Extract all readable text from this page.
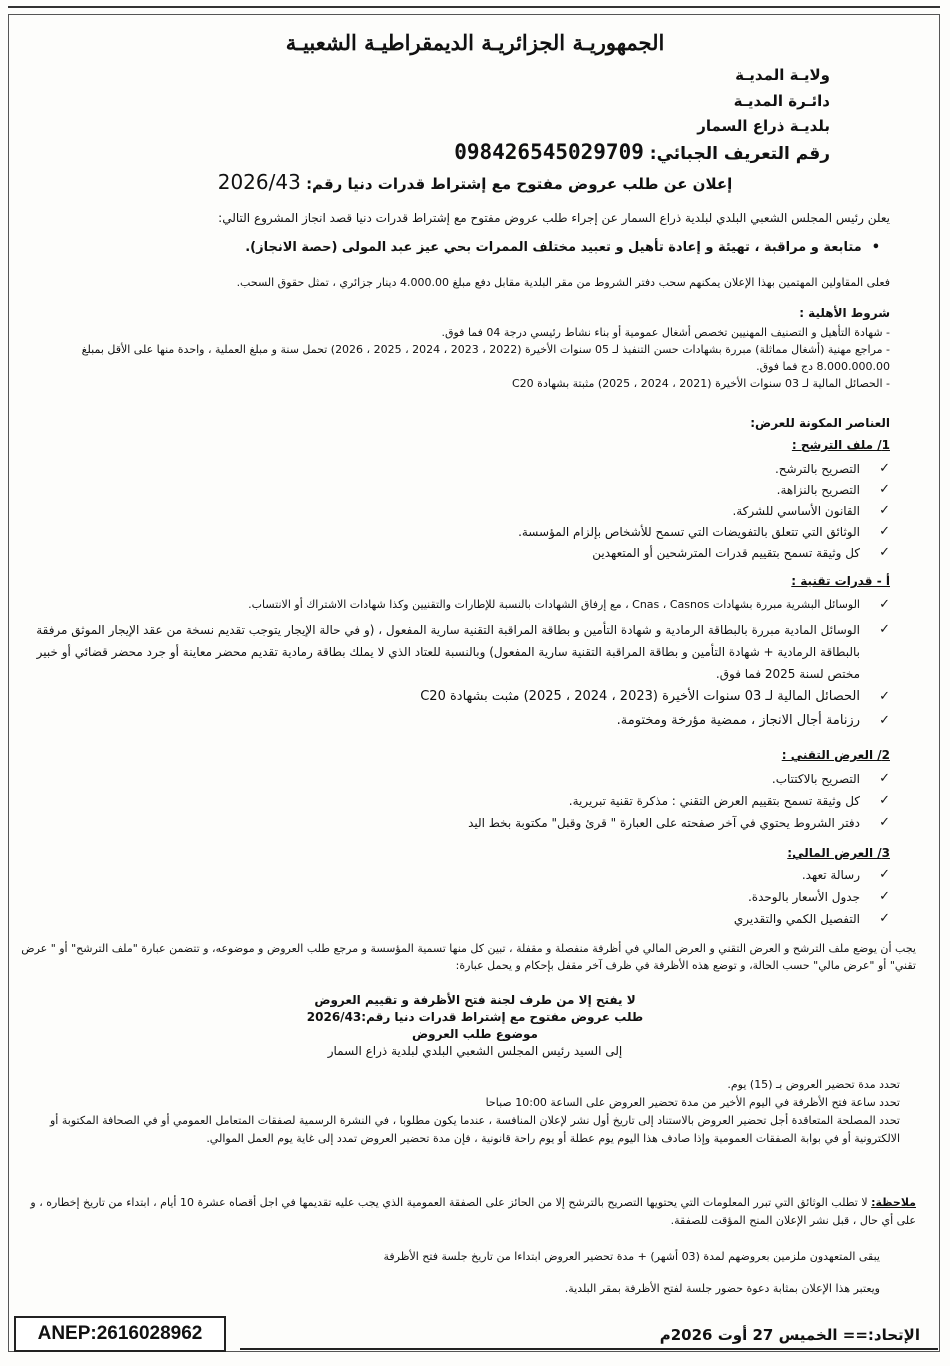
الجمهوريـة الجزائريـة الديمقراطيـة الشعبيـة
ولايـة المديـة
دائـرة المديـة
بلديـة ذراع السمار
رقم التعريف الجبائي: 098426545029709
إعلان عن طلب عروض مفتوح مع إشتراط قدرات دنيا رقم: 2026/43
يعلن رئيس المجلس الشعبي البلدي لبلدية ذراع السمار عن إجراء طلب عروض مفتوح مع إشتراط قدرات دنيا قصد انجاز المشروع التالي:
• متابعة و مراقبة ، تهيئة و إعادة تأهيل و تعبيد مختلف الممرات بحي عيز عبد المولى (حصة الانجاز).
فعلى المقاولين المهتمين بهذا الإعلان يمكنهم سحب دفتر الشروط من مقر البلدية مقابل دفع مبلغ 4.000.00 دينار جزائري ، تمثل حقوق السحب.
شروط الأهلية :
- شهادة التأهيل و التصنيف المهنيين تخصص أشغال عمومية أو بناء نشاط رئيسي درجة 04 فما فوق.
- مراجع مهنية (أشغال مماثلة) مبررة بشهادات حسن التنفيذ لـ 05 سنوات الأخيرة (2022 ، 2023 ، 2024 ، 2025 ، 2026) تحمل سنة و مبلغ العملية ، واحدة منها على الأقل بمبلغ 8.000.000.00 دج فما فوق.
- الحصائل المالية لـ 03 سنوات الأخيرة (2021 ، 2024 ، 2025) مثبتة بشهادة C20
العناصر المكونة للعرض:
1/ ملف الترشح :
✓ التصريح بالترشح.
✓ التصريح بالنزاهة.
✓ القانون الأساسي للشركة.
✓ الوثائق التي تتعلق بالتفويضات التي تسمح للأشخاص بإلزام المؤسسة.
✓ كل وثيقة تسمح بتقييم قدرات المترشحين أو المتعهدين
أ - قدرات تقنية :
✓ الوسائل البشرية مبررة بشهادات Cnas ، Casnos ، مع إرفاق الشهادات بالنسبة للإطارات والتقنيين وكذا شهادات الاشتراك أو الانتساب.
✓ الوسائل المادية مبررة بالبطاقة الرمادية و شهادة التأمين و بطاقة المراقبة التقنية سارية المفعول ، (و في حالة الإيجار يتوجب تقديم نسخة من عقد الإيجار الموثق مرفقة بالبطاقة الرمادية + شهادة التأمين و بطاقة المراقبة التقنية سارية المفعول) وبالنسبة للعتاد الذي لا يملك بطاقة رمادية تقديم محضر معاينة أو جرد محضر قضائي أو خبير مختص لسنة 2025 فما فوق.
✓ الحصائل المالية لـ 03 سنوات الأخيرة (2023 ، 2024 ، 2025) مثبت بشهادة C20
✓ رزنامة أجال الانجاز ، ممضية مؤرخة ومختومة.
2/ العرض التقني :
✓ التصريح بالاكتتاب.
✓ كل وثيقة تسمح بتقييم العرض التقني : مذكرة تقنية تبريرية.
✓ دفتر الشروط يحتوي في آخر صفحته على العبارة " قرئ وقبل" مكتوبة بخط اليد
3/ العرض المالي:
✓ رسالة تعهد.
✓ جدول الأسعار بالوحدة.
✓ التفصيل الكمي والتقديري
يجب أن يوضع ملف الترشح و العرض التقني و العرض المالي في أظرفة منفصلة و مقفلة ، تبين كل منها تسمية المؤسسة و مرجع طلب العروض و موضوعه، و تتضمن عبارة "ملف الترشح" أو " عرض تقني" أو "عرض مالي" حسب الحالة، و توضع هذه الأظرفة في ظرف آخر مقفل بإحكام و يحمل عبارة:
لا يفتح إلا من طرف لجنة فتح الأظرفة و تقييم العروض
طلب عروض مفتوح مع إشتراط قدرات دنيا رقم:2026/43
موضوع طلب العروض
إلى السيد رئيس المجلس الشعبي البلدي لبلدية ذراع السمار
تحدد مدة تحضير العروض بـ (15) يوم.
تحدد ساعة فتح الأظرفة في اليوم الأخير من مدة تحضير العروض على الساعة 10:00 صباحا
تحدد المصلحة المتعاقدة أجل تحضير العروض بالاستناد إلى تاريخ أول نشر لإعلان المنافسة ، عندما يكون مطلوبا ، في النشرة الرسمية لصفقات المتعامل العمومي أو في الصحافة المكتوبة أو الالكترونية أو في بوابة الصفقات العمومية وإذا صادف هذا اليوم يوم عطلة أو يوم راحة قانونية ، فإن مدة تحضير العروض تمدد إلى غاية يوم العمل الموالي.
ملاحظة: لا تطلب الوثائق التي تبرر المعلومات التي يحتويها التصريح بالترشح إلا من الحائز على الصفقة العمومية الذي يجب عليه تقديمها في اجل أقصاه عشرة 10 أيام ، ابتداء من تاريخ إخطاره ، و على أي حال ، قبل نشر الإعلان المنح المؤقت للصفقة.
يبقى المتعهدون ملزمين بعروضهم لمدة (03 أشهر) + مدة تحضير العروض ابتداءا من تاريخ جلسة فتح الأظرفة
ويعتبر هذا الإعلان بمثابة دعوة حضور جلسة لفتح الأظرفة بمقر البلدية.
ANEP:2616028962	الإتحاد:== الخميس 27 أوت 2026م
